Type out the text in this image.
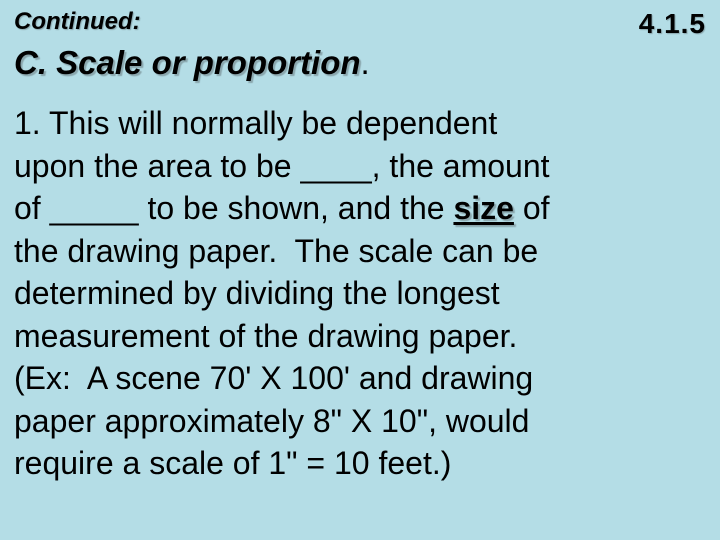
Continued:	4.1.5
C. Scale or proportion.
1. This will normally be dependent
upon the area to be ____, the amount
of _____ to be shown, and the size of
the drawing paper.  The scale can be
determined by dividing the longest
measurement of the drawing paper.
(Ex:  A scene 70' X 100' and drawing
paper approximately 8" X 10", would
require a scale of 1" = 10 feet.)
